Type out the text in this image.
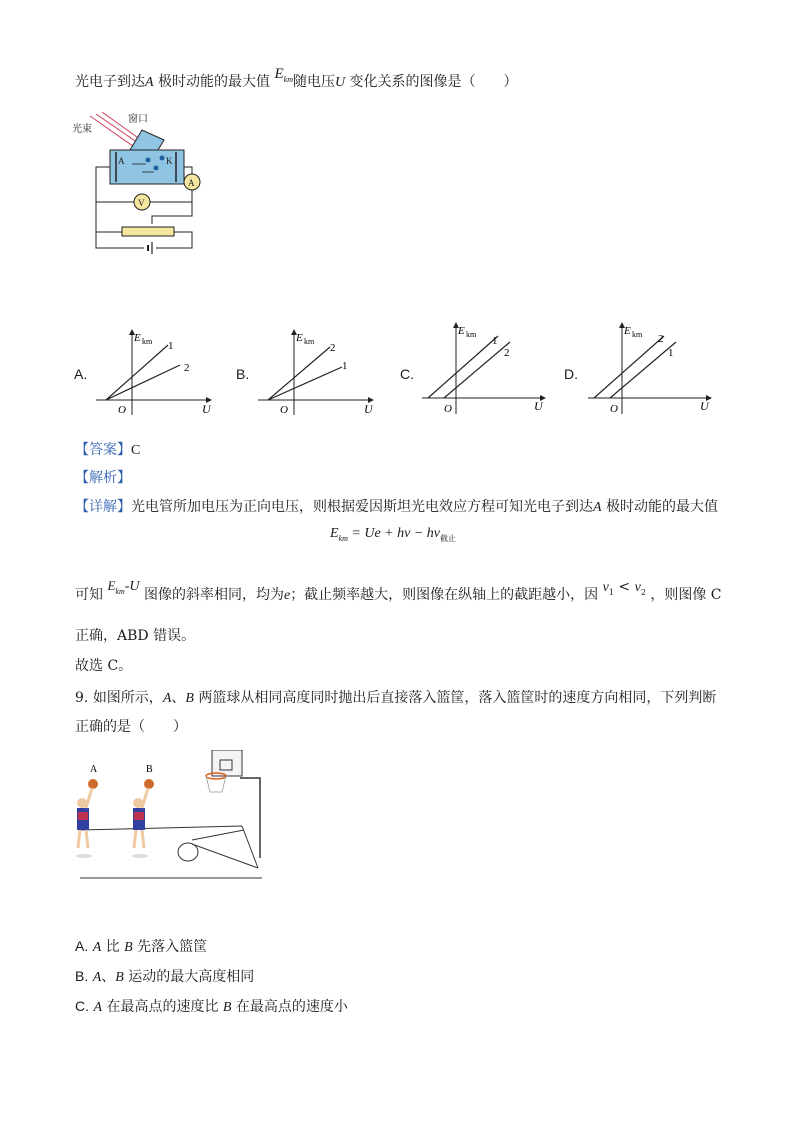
光电子到达A 极时动能的最大值 $E_{km}$随电压U 变化关系的图像是（　　）
光束
窗口
A	K
A
V
A.
E km
U
O
1
2	B.
E km
U
O
2
1	C.
E km
U
O
1
2
D.
E km
U
O
2
1
【答案】C
【解析】
【详解】光电管所加电压为正向电压，则根据爱因斯坦光电效应方程可知光电子到达A 极时动能的最大值
$E_{km} = Ue + h\nu - h\nu_{截止}$
可知 $E_{km}-U$ 图像的斜率相同，均为e；截止频率越大，则图像在纵轴上的截距越小，因 $\nu_1 < \nu_2$ ，则图像 C
正确，ABD 错误。
故选 C。
9. 如图所示，A、B 两篮球从相同高度同时抛出后直接落入篮筐，落入篮筐时的速度方向相同，下列判断
正确的是（　　）
A	B
A. A 比 B 先落入篮筐
B. A、B 运动的最大高度相同
C. A 在最高点的速度比 B 在最高点的速度小
